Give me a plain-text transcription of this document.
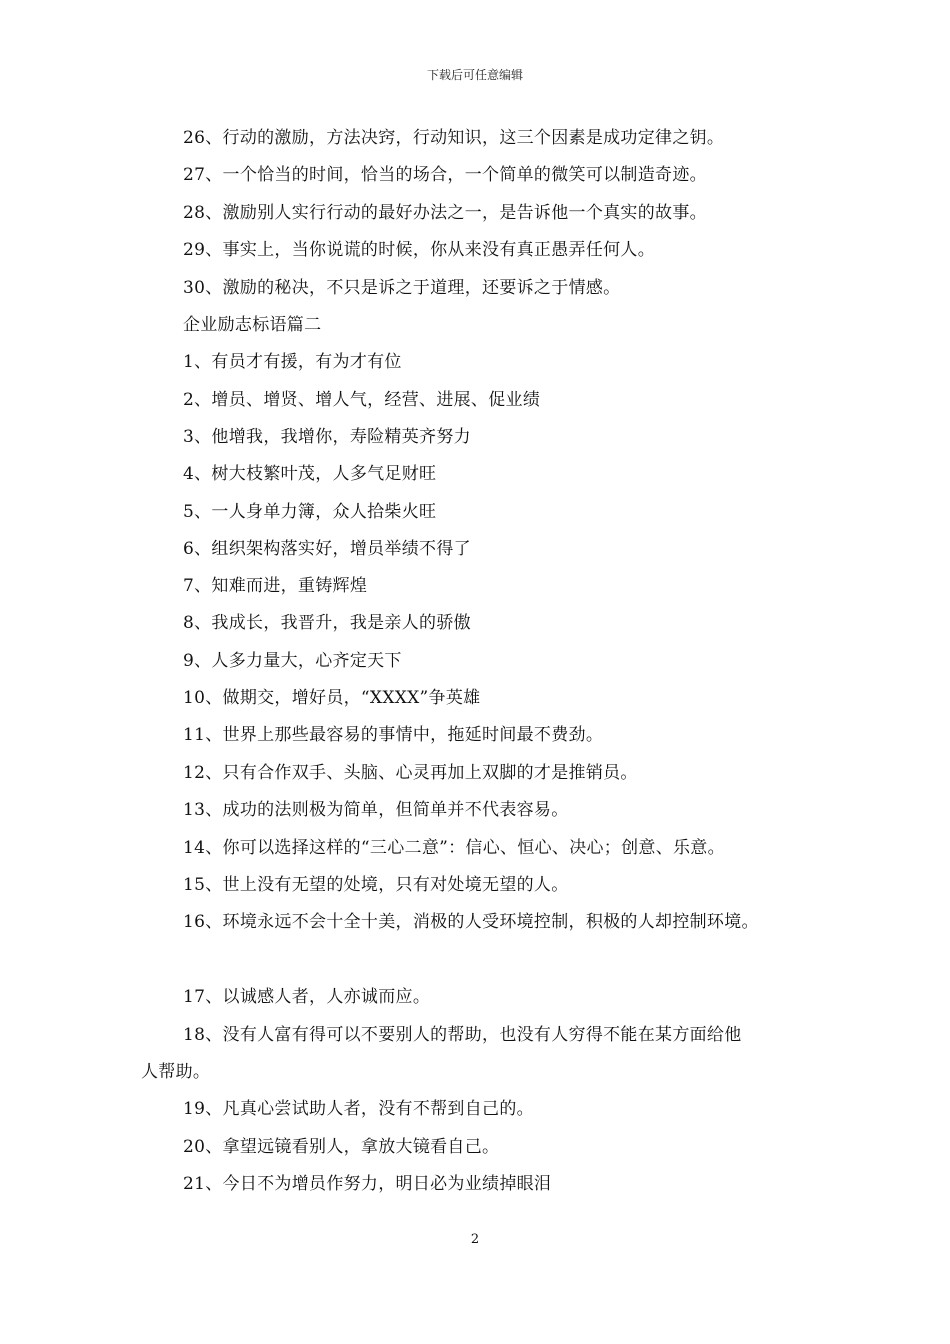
下载后可任意编辑
26、行动的激励，方法决窍，行动知识，这三个因素是成功定律之钥。
27、一个恰当的时间，恰当的场合，一个简单的微笑可以制造奇迹。
28、激励别人实行行动的最好办法之一，是告诉他一个真实的故事。
29、事实上，当你说谎的时候，你从来没有真正愚弄任何人。
30、激励的秘决，不只是诉之于道理，还要诉之于情感。
企业励志标语篇二
1、有员才有援，有为才有位
2、增员、增贤、增人气，经营、进展、促业绩
3、他增我，我增你，寿险精英齐努力
4、树大枝繁叶茂，人多气足财旺
5、一人身单力簿，众人拾柴火旺
6、组织架构落实好，增员举绩不得了
7、知难而进，重铸辉煌
8、我成长，我晋升，我是亲人的骄傲
9、人多力量大，心齐定天下
10、做期交，增好员，“XXXX”争英雄
11、世界上那些最容易的事情中，拖延时间最不费劲。
12、只有合作双手、头脑、心灵再加上双脚的才是推销员。
13、成功的法则极为简单，但简单并不代表容易。
14、你可以选择这样的“三心二意”：信心、恒心、决心；创意、乐意。
15、世上没有无望的处境，只有对处境无望的人。
16、环境永远不会十全十美，消极的人受环境控制，积极的人却控制环境。
17、以诚感人者，人亦诚而应。
18、没有人富有得可以不要别人的帮助，也没有人穷得不能在某方面给他
人帮助。
19、凡真心尝试助人者，没有不帮到自己的。
20、拿望远镜看别人，拿放大镜看自己。
21、今日不为增员作努力，明日必为业绩掉眼泪
2
